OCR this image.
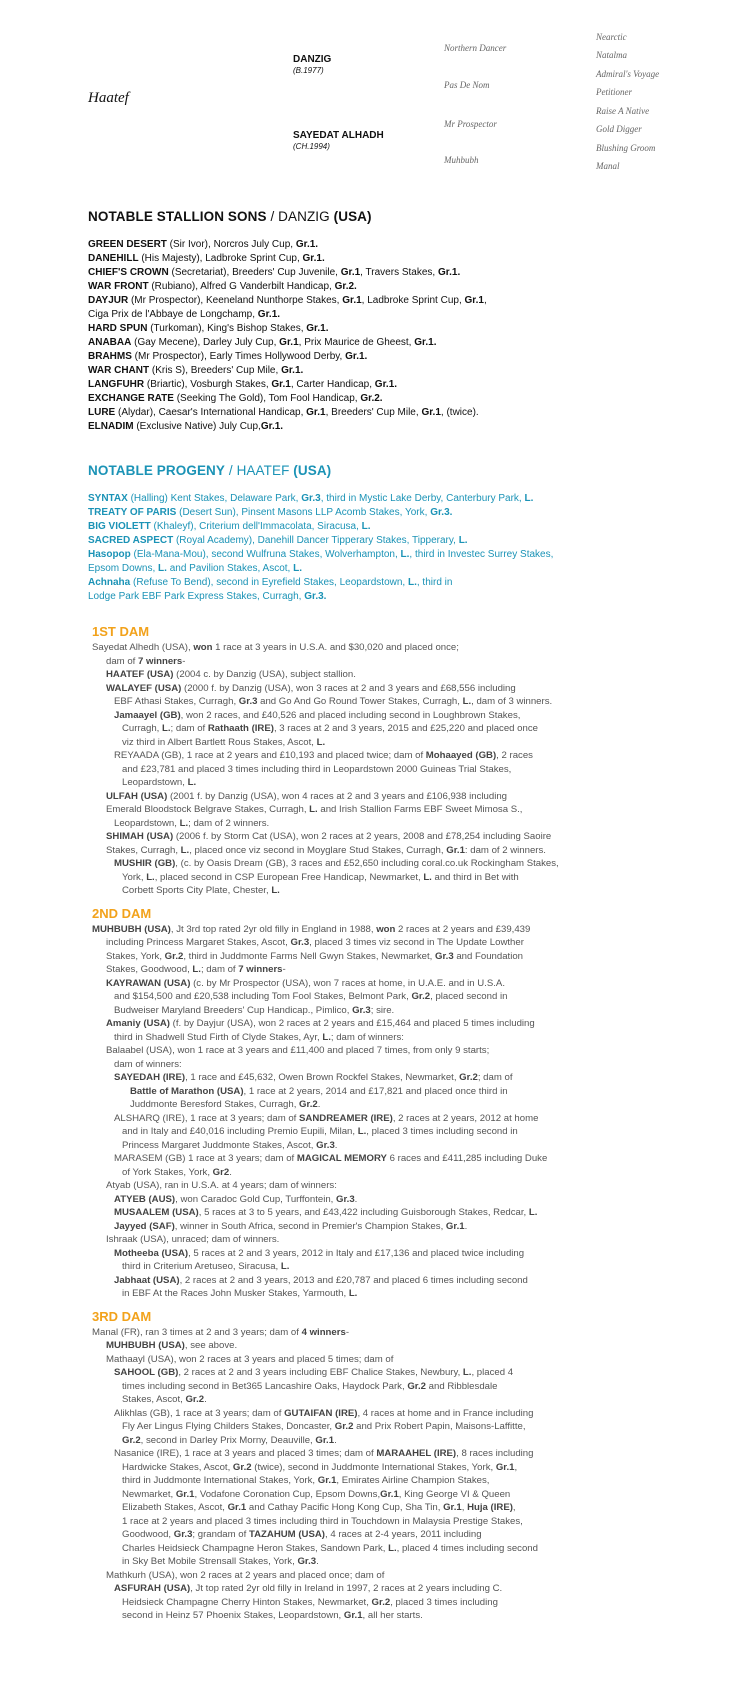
Haatef
DANZIG
(B.1977)
SAYEDAT ALHADH
(CH.1994)
Northern Dancer
Pas De Nom
Mr Prospector
Muhbubh
Nearctic
Natalma
Admiral's Voyage
Petitioner
Raise A Native
Gold Digger
Blushing Groom
Manal
NOTABLE STALLION SONS / DANZIG (USA)
GREEN DESERT (Sir Ivor), Norcros July Cup, Gr.1.
DANEHILL (His Majesty), Ladbroke Sprint Cup, Gr.1.
CHIEF'S CROWN (Secretariat), Breeders' Cup Juvenile, Gr.1, Travers Stakes, Gr.1.
WAR FRONT (Rubiano), Alfred G Vanderbilt Handicap, Gr.2.
DAYJUR (Mr Prospector), Keeneland Nunthorpe Stakes, Gr.1, Ladbroke Sprint Cup, Gr.1,
Ciga Prix de l'Abbaye de Longchamp, Gr.1.
HARD SPUN (Turkoman), King's Bishop Stakes, Gr.1.
ANABAA (Gay Mecene), Darley July Cup, Gr.1, Prix Maurice de Gheest, Gr.1.
BRAHMS (Mr Prospector), Early Times Hollywood Derby, Gr.1.
WAR CHANT (Kris S), Breeders' Cup Mile, Gr.1.
LANGFUHR (Briartic), Vosburgh Stakes, Gr.1, Carter Handicap, Gr.1.
EXCHANGE RATE (Seeking The Gold), Tom Fool Handicap, Gr.2.
LURE (Alydar), Caesar's International Handicap, Gr.1, Breeders' Cup Mile, Gr.1, (twice).
ELNADIM (Exclusive Native) July Cup,Gr.1.
NOTABLE PROGENY / HAATEF (USA)
SYNTAX (Halling) Kent Stakes, Delaware Park, Gr.3, third in Mystic Lake Derby, Canterbury Park, L.
TREATY OF PARIS (Desert Sun), Pinsent Masons LLP Acomb Stakes, York, Gr.3.
BIG VIOLETT (Khaleyf), Criterium dell'Immacolata, Siracusa, L.
SACRED ASPECT (Royal Academy), Danehill Dancer Tipperary Stakes, Tipperary, L.
Hasopop (Ela-Mana-Mou), second Wulfruna Stakes, Wolverhampton, L., third in Investec Surrey Stakes,
Epsom Downs, L. and Pavilion Stakes, Ascot, L.
Achnaha (Refuse To Bend), second in Eyrefield Stakes, Leopardstown, L., third in
Lodge Park EBF Park Express Stakes, Curragh, Gr.3.
1ST DAM
Sayedat Alhedh (USA), won 1 race at 3 years in U.S.A. and $30,020 and placed once;
dam of 7 winners-
HAATEF (USA) (2004 c. by Danzig (USA), subject stallion.
WALAYEF (USA) (2000 f. by Danzig (USA), won 3 races at 2 and 3 years and £68,556 including
EBF Athasi Stakes, Curragh, Gr.3 and Go And Go Round Tower Stakes, Curragh, L., dam of 3 winners.
Jamaayel (GB), won 2 races, and £40,526 and placed including second in Loughbrown Stakes,
Curragh, L.; dam of Rathaath (IRE), 3 races at 2 and 3 years, 2015 and £25,220 and placed once
viz third in Albert Bartlett Rous Stakes, Ascot, L.
REYAADA (GB), 1 race at 2 years and £10,193 and placed twice; dam of Mohaayed (GB), 2 races
and £23,781 and placed 3 times including third in Leopardstown 2000 Guineas Trial Stakes,
Leopardstown, L.
ULFAH (USA) (2001 f. by Danzig (USA), won 4 races at 2 and 3 years and £106,938 including
Emerald Bloodstock Belgrave Stakes, Curragh, L. and Irish Stallion Farms EBF Sweet Mimosa S.,
Leopardstown, L.; dam of 2 winners.
SHIMAH (USA) (2006 f. by Storm Cat (USA), won 2 races at 2 years, 2008 and £78,254 including Saoire
Stakes, Curragh, L., placed once viz second in Moyglare Stud Stakes, Curragh, Gr.1: dam of 2 winners.
MUSHIR (GB), (c. by Oasis Dream (GB), 3 races and £52,650 including coral.co.uk Rockingham Stakes,
York, L., placed second in CSP European Free Handicap, Newmarket, L. and third in Bet with
Corbett Sports City Plate, Chester, L.
2ND DAM
MUHBUBH (USA), Jt 3rd top rated 2yr old filly in England in 1988, won 2 races at 2 years and £39,439
including Princess Margaret Stakes, Ascot, Gr.3, placed 3 times viz second in The Update Lowther
Stakes, York, Gr.2, third in Juddmonte Farms Nell Gwyn Stakes, Newmarket, Gr.3 and Foundation
Stakes, Goodwood, L.; dam of 7 winners-
KAYRAWAN (USA) (c. by Mr Prospector (USA), won 7 races at home, in U.A.E. and in U.S.A.
and $154,500 and £20,538 including Tom Fool Stakes, Belmont Park, Gr.2, placed second in
Budweiser Maryland Breeders' Cup Handicap., Pimlico, Gr.3; sire.
Amaniy (USA) (f. by Dayjur (USA), won 2 races at 2 years and £15,464 and placed 5 times including
third in Shadwell Stud Firth of Clyde Stakes, Ayr, L.; dam of winners:
Balaabel (USA), won 1 race at 3 years and £11,400 and placed 7 times, from only 9 starts;
dam of winners:
SAYEDAH (IRE), 1 race and £45,632, Owen Brown Rockfel Stakes, Newmarket, Gr.2; dam of
Battle of Marathon (USA), 1 race at 2 years, 2014 and £17,821 and placed once third in
Juddmonte Beresford Stakes, Curragh, Gr.2.
ALSHARQ (IRE), 1 race at 3 years; dam of SANDREAMER (IRE), 2 races at 2 years, 2012 at home
and in Italy and £40,016 including Premio Eupili, Milan, L., placed 3 times including second in
Princess Margaret Juddmonte Stakes, Ascot, Gr.3.
MARASEM (GB) 1 race at 3 years; dam of MAGICAL MEMORY 6 races and £411,285 including Duke
of York Stakes, York, Gr2.
Atyab (USA), ran in U.S.A. at 4 years; dam of winners:
ATYEB (AUS), won Caradoc Gold Cup, Turffontein, Gr.3.
MUSAALEM (USA), 5 races at 3 to 5 years, and £43,422 including Guisborough Stakes, Redcar, L.
Jayyed (SAF), winner in South Africa, second in Premier's Champion Stakes, Gr.1.
Ishraak (USA), unraced; dam of winners.
Motheeba (USA), 5 races at 2 and 3 years, 2012 in Italy and £17,136 and placed twice including
third in Criterium Aretuseo, Siracusa, L.
Jabhaat (USA), 2 races at 2 and 3 years, 2013 and £20,787 and placed 6 times including second
in EBF At the Races John Musker Stakes, Yarmouth, L.
3RD DAM
Manal (FR), ran 3 times at 2 and 3 years; dam of 4 winners-
MUHBUBH (USA), see above.
Mathaayl (USA), won 2 races at 3 years and placed 5 times; dam of
SAHOOL (GB), 2 races at 2 and 3 years including EBF Chalice Stakes, Newbury, L., placed 4
times including second in Bet365 Lancashire Oaks, Haydock Park, Gr.2 and Ribblesdale
Stakes, Ascot, Gr.2.
Alikhlas (GB), 1 race at 3 years; dam of GUTAIFAN (IRE), 4 races at home and in France including
Fly Aer Lingus Flying Childers Stakes, Doncaster, Gr.2 and Prix Robert Papin, Maisons-Laffitte,
Gr.2, second in Darley Prix Morny, Deauville, Gr.1.
Nasanice (IRE), 1 race at 3 years and placed 3 times; dam of MARAAHEL (IRE), 8 races including
Hardwicke Stakes, Ascot, Gr.2 (twice), second in Juddmonte International Stakes, York, Gr.1,
third in Juddmonte International Stakes, York, Gr.1, Emirates Airline Champion Stakes,
Newmarket, Gr.1, Vodafone Coronation Cup, Epsom Downs,Gr.1, King George VI & Queen
Elizabeth Stakes, Ascot, Gr.1 and Cathay Pacific Hong Kong Cup, Sha Tin, Gr.1, Huja (IRE),
1 race at 2 years and placed 3 times including third in Touchdown in Malaysia Prestige Stakes,
Goodwood, Gr.3; grandam of TAZAHUM (USA), 4 races at 2-4 years, 2011 including
Charles Heidsieck Champagne Heron Stakes, Sandown Park, L., placed 4 times including second
in Sky Bet Mobile Strensall Stakes, York, Gr.3.
Mathkurh (USA), won 2 races at 2 years and placed once; dam of
ASFURAH (USA), Jt top rated 2yr old filly in Ireland in 1997, 2 races at 2 years including C.
Heidsieck Champagne Cherry Hinton Stakes, Newmarket, Gr.2, placed 3 times including
second in Heinz 57 Phoenix Stakes, Leopardstown, Gr.1, all her starts.
